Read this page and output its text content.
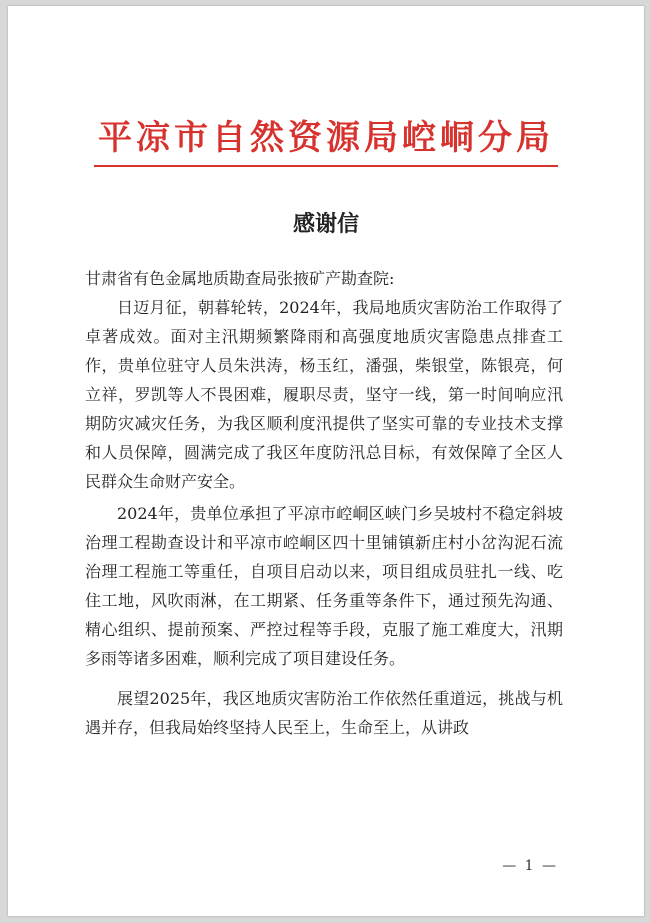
平凉市自然资源局崆峒分局
感谢信

甘肃省有色金属地质勘查局张掖矿产勘查院:

日迈月征，朝暮轮转，2024年，我局地质灾害防治工作取得了卓著成效。面对主汛期频繁降雨和高强度地质灾害隐患点排查工作，贵单位驻守人员朱洪涛，杨玉红，潘强，柴银堂，陈银亮，何立祥，罗凯等人不畏困难，履职尽责，坚守一线，第一时间响应汛期防灾减灾任务，为我区顺利度汛提供了坚实可靠的专业技术支撑和人员保障，圆满完成了我区年度防汛总目标，有效保障了全区人民群众生命财产安全。

2024年，贵单位承担了平凉市崆峒区峡门乡吴坡村不稳定斜坡治理工程勘查设计和平凉市崆峒区四十里铺镇新庄村小岔沟泥石流治理工程施工等重任，自项目启动以来，项目组成员驻扎一线、吃住工地，风吹雨淋，在工期紧、任务重等条件下，通过预先沟通、精心组织、提前预案、严控过程等手段，克服了施工难度大，汛期多雨等诸多困难，顺利完成了项目建设任务。

展望2025年，我区地质灾害防治工作依然任重道远，挑战与机遇并存，但我局始终坚持人民至上，生命至上，从讲政

— 1 —
